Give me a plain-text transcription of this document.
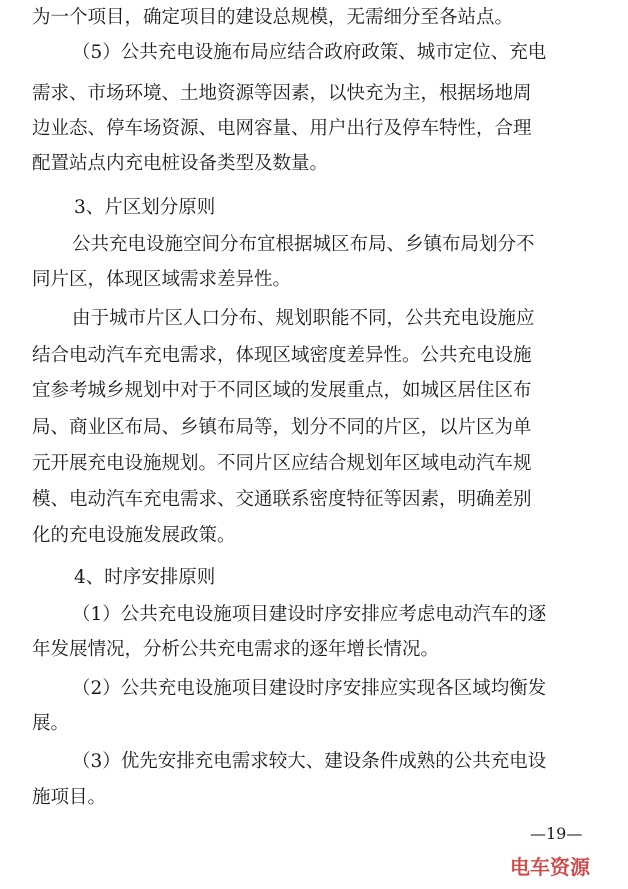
为一个项目，确定项目的建设总规模，无需细分至各站点。
（5）公共充电设施布局应结合政府政策、城市定位、充电
需求、市场环境、土地资源等因素，以快充为主，根据场地周
边业态、停车场资源、电网容量、用户出行及停车特性，合理
配置站点内充电桩设备类型及数量。
3、片区划分原则
公共充电设施空间分布宜根据城区布局、乡镇布局划分不
同片区，体现区域需求差异性。
由于城市片区人口分布、规划职能不同，公共充电设施应
结合电动汽车充电需求，体现区域密度差异性。公共充电设施
宜参考城乡规划中对于不同区域的发展重点，如城区居住区布
局、商业区布局、乡镇布局等，划分不同的片区，以片区为单
元开展充电设施规划。不同片区应结合规划年区域电动汽车规
模、电动汽车充电需求、交通联系密度特征等因素，明确差别
化的充电设施发展政策。
4、时序安排原则
（1）公共充电设施项目建设时序安排应考虑电动汽车的逐
年发展情况，分析公共充电需求的逐年增长情况。
（2）公共充电设施项目建设时序安排应实现各区域均衡发
展。
（3）优先安排充电需求较大、建设条件成熟的公共充电设
施项目。
—19—
电车资源
